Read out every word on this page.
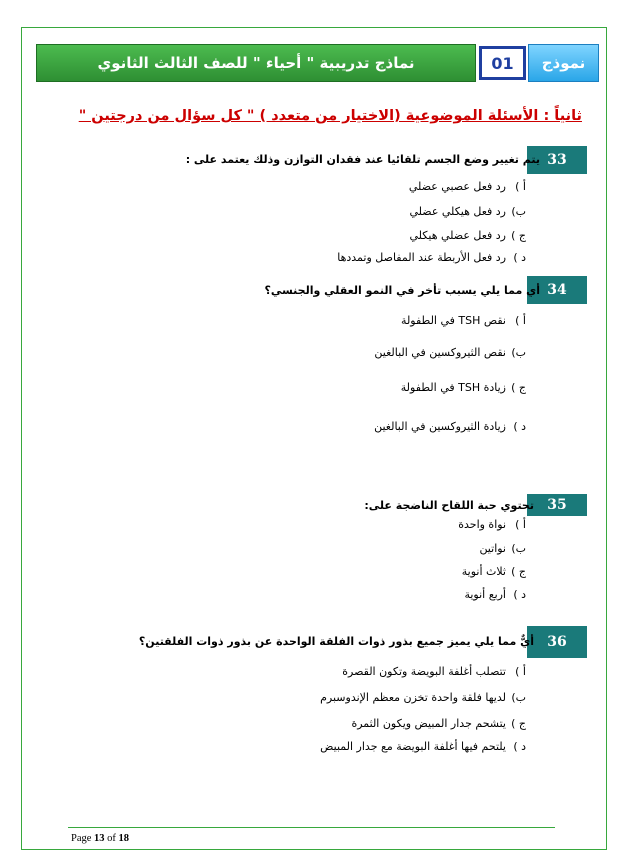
نماذج تدريبية " أحياء " للصف الثالث الثانوي	01	نموذج
ثانياً : الأسئلة الموضوعية (الاختيار من متعدد ) " كل سؤال من درجتين "
33
يتم تغيير وضع الجسم تلقائيا عند فقدان التوازن وذلك يعتمد على :
أ )رد فعل عصبي عضلي
ب)رد فعل هيكلي عضلي
ج )رد فعل عضلي هيكلي
د )رد فعل الأربطة عند المفاصل وتمددها
34
أي مما يلي يسبب تأخر في النمو العقلي والجنسي؟
أ )نقص TSH في الطفولة
ب)نقص الثيروكسين في البالغين
ج )زيادة TSH في الطفولة
د )زيادة الثيروكسين في البالغين
35
تحتوي حبة اللقاح الناضجة على:
أ )نواة واحدة
ب)نواتين
ج )ثلاث أنوية
د )أربع أنوية
36
أيٌّ مما يلي يميز جميع بذور ذوات الفلقة الواحدة عن بذور ذوات الفلقتين؟
أ )تتصلب أغلفة البويضة وتكون القصرة
ب)لديها فلقة واحدة تخزن معظم الإندوسبرم
ج )يتشحم جدار المبيض ويكون الثمرة
د )يلتحم فيها أغلفة البويضة مع جدار المبيض
Page 13 of 18
